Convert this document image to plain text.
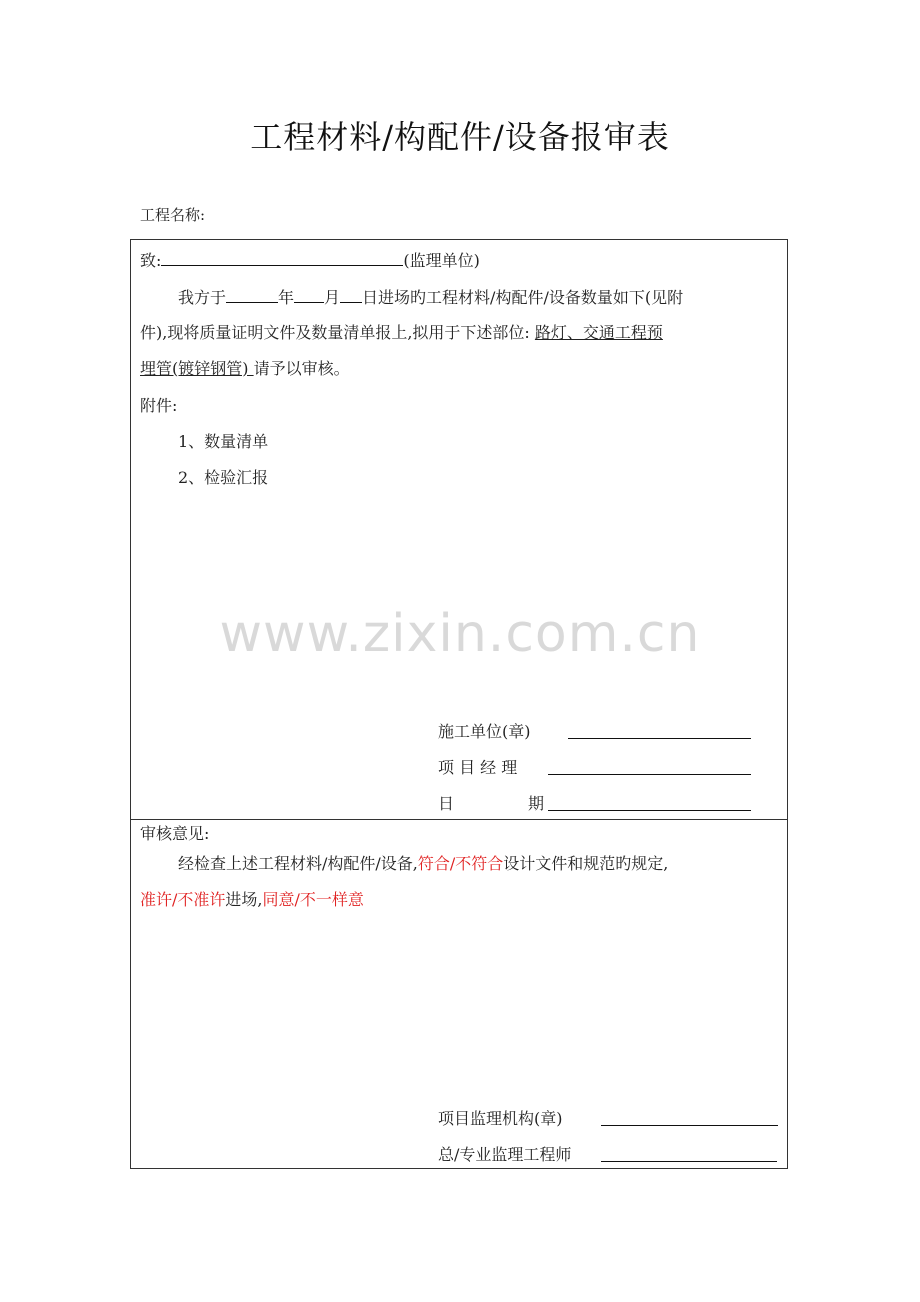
工程材料/构配件/设备报审表
工程名称:
www.zixin.com.cn
致:	(监理单位)
我方于	年 月 日进场旳工程材料/构配件/设备数量如下(见附
件),现将质量证明文件及数量清单报上,拟用于下述部位: 路灯、交通工程预
埋管(镀锌钢管) 请予以审核。
附件:
1、数量清单
2、检验汇报
施工单位(章)
项 目 经 理
日	期
审核意见:
经检查上述工程材料/构配件/设备,符合/不符合设计文件和规范旳规定,
准许/不准许进场,同意/不一样意
项目监理机构(章)
总/专业监理工程师
